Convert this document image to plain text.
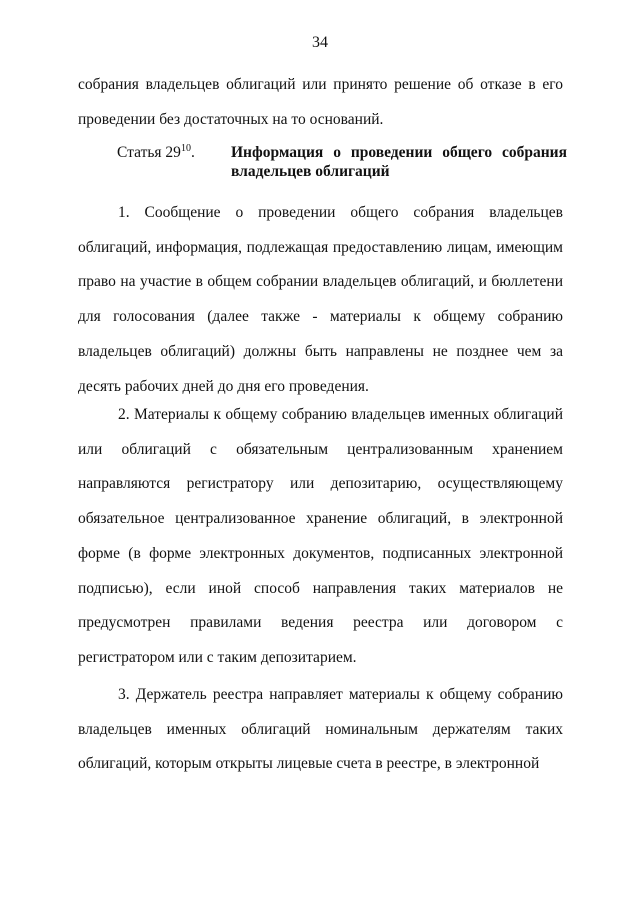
34
собрания владельцев облигаций или принято решение об отказе в его проведении без достаточных на то оснований.
Статья $29^{10}$. Информация о проведении общего собрания владельцев облигаций
1. Сообщение о проведении общего собрания владельцев облигаций, информация, подлежащая предоставлению лицам, имеющим право на участие в общем собрании владельцев облигаций, и бюллетени для голосования (далее также - материалы к общему собранию владельцев облигаций) должны быть направлены не позднее чем за десять рабочих дней до дня его проведения.
2. Материалы к общему собранию владельцев именных облигаций или облигаций с обязательным централизованным хранением направляются регистратору или депозитарию, осуществляющему обязательное централизованное хранение облигаций, в электронной форме (в форме электронных документов, подписанных электронной подписью), если иной способ направления таких материалов не предусмотрен правилами ведения реестра или договором с регистратором или с таким депозитарием.
3. Держатель реестра направляет материалы к общему собранию владельцев именных облигаций номинальным держателям таких облигаций, которым открыты лицевые счета в реестре, в электронной
